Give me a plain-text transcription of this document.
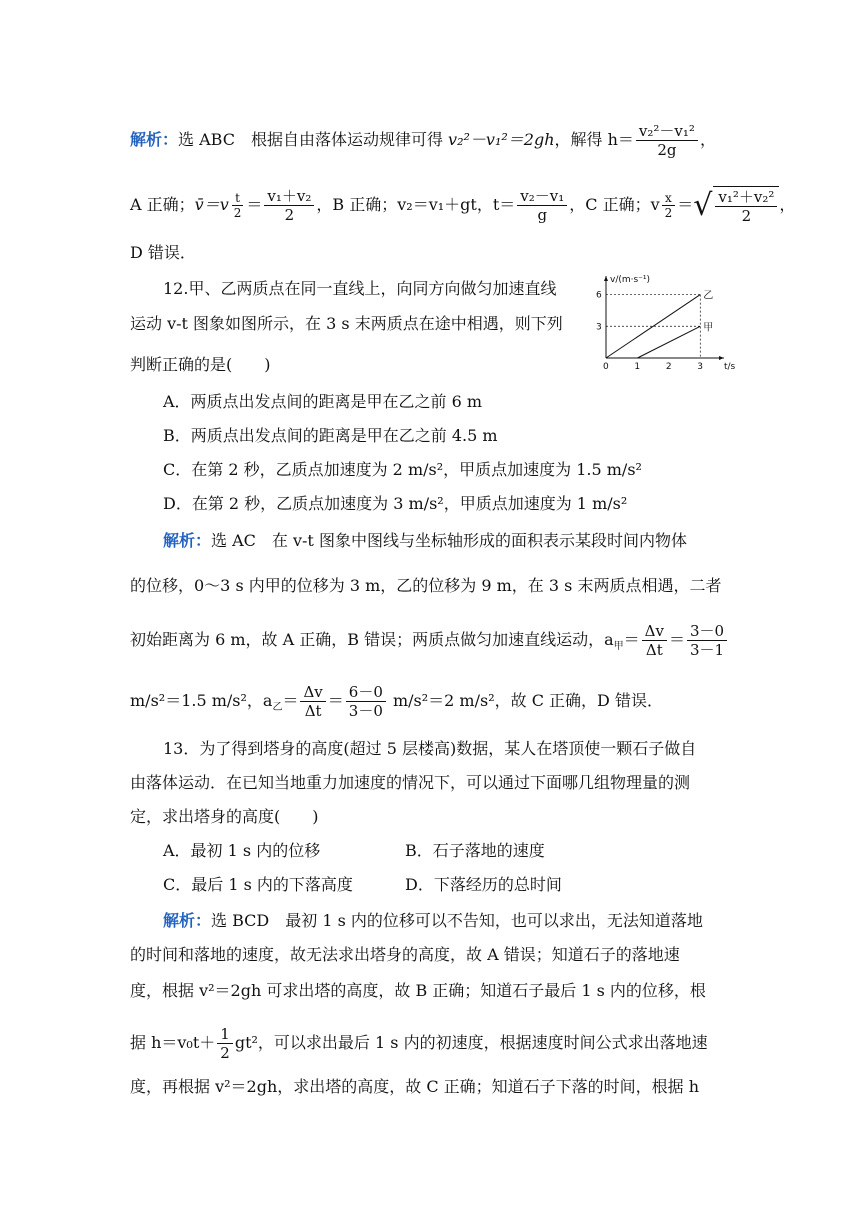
解析：选 ABC　根据自由落体运动规律可得 v₂²－v₁²＝2gh，解得 $h= \frac{\text{v₂²－v₁²}}{2g}$ ，
A 正确；v̄＝v $\frac{t}{2} = \frac{\text{v₁＋v₂}}{2}$ ，B 正确；v₂＝v₁＋gt，$t= \frac{\text{v₂－v₁}}{g}$ ，C 正确；v $\frac{x}{2}$ ＝ √ $\frac{\text{v₁²＋v₂²}}{2}$ ，
D 错误．
12.甲、乙两质点在同一直线上，向同方向做匀加速直线
运动 v-t 图象如图所示，在 3 s 末两质点在途中相遇，则下列
判断正确的是(　　)
v/(m·s⁻¹)
t/s
0	1	2	3
3
6	乙
甲
A．两质点出发点间的距离是甲在乙之前 6 m
B．两质点出发点间的距离是甲在乙之前 4.5 m
C．在第 2 秒，乙质点加速度为 2 m/s²，甲质点加速度为 1.5 m/s²
D．在第 2 秒，乙质点加速度为 3 m/s²，甲质点加速度为 1 m/s²
解析：选 AC　在 v-t 图象中图线与坐标轴形成的面积表示某段时间内物体
的位移，0～3 s 内甲的位移为 3 m，乙的位移为 9 m，在 3 s 末两质点相遇，二者
初始距离为 6 m，故 A 正确，B 错误；两质点做匀加速直线运动，$a_甲= \frac{\Delta v}{\Delta t} = \frac{3-0}{3-1}$
m/s²＝1.5 m/s²，$a_乙= \frac{\Delta v}{\Delta t} = \frac{6-0}{3-0} m/s^2=2$ m/s²，故 C 正确，D 错误．
13．为了得到塔身的高度(超过 5 层楼高)数据，某人在塔顶使一颗石子做自
由落体运动．在已知当地重力加速度的情况下，可以通过下面哪几组物理量的测
定，求出塔身的高度(　　)
A．最初 1 s 内的位移	B．石子落地的速度
C．最后 1 s 内的下落高度	D．下落经历的总时间
解析：选 BCD　最初 1 s 内的位移可以不告知，也可以求出，无法知道落地
的时间和落地的速度，故无法求出塔身的高度，故 A 错误；知道石子的落地速
度，根据 v²＝2gh 可求出塔的高度，故 B 正确；知道石子最后 1 s 内的位移，根
据 $h=v_0t+ \frac{1}{2} gt^2$，可以求出最后 1 s 内的初速度，根据速度时间公式求出落地速
度，再根据 v²＝2gh，求出塔的高度，故 C 正确；知道石子下落的时间，根据 h
